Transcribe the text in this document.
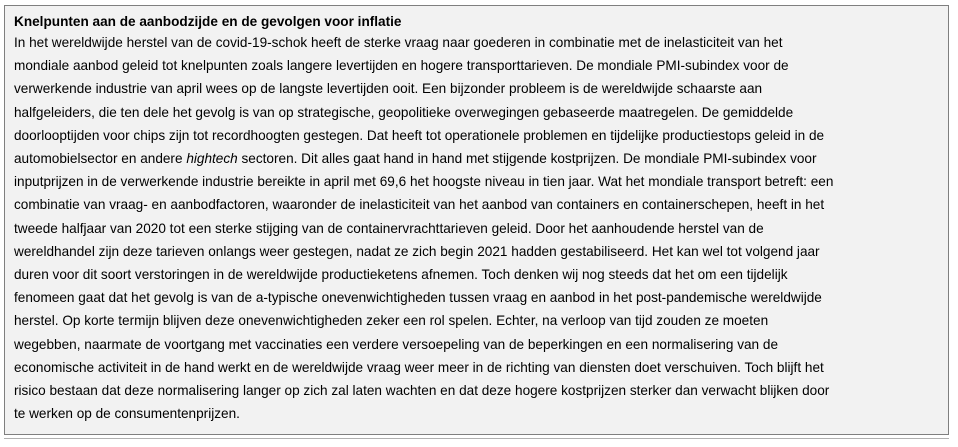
Knelpunten aan de aanbodzijde en de gevolgen voor inflatie
In het wereldwijde herstel van de covid-19-schok heeft de sterke vraag naar goederen in combinatie met de inelasticiteit van het
mondiale aanbod geleid tot knelpunten zoals langere levertijden en hogere transporttarieven. De mondiale PMI-subindex voor de
verwerkende industrie van april wees op de langste levertijden ooit. Een bijzonder probleem is de wereldwijde schaarste aan
halfgeleiders, die ten dele het gevolg is van op strategische, geopolitieke overwegingen gebaseerde maatregelen. De gemiddelde
doorlooptijden voor chips zijn tot recordhoogten gestegen. Dat heeft tot operationele problemen en tijdelijke productiestops geleid in de
automobielsector en andere hightech sectoren. Dit alles gaat hand in hand met stijgende kostprijzen. De mondiale PMI-subindex voor
inputprijzen in de verwerkende industrie bereikte in april met 69,6 het hoogste niveau in tien jaar. Wat het mondiale transport betreft: een
combinatie van vraag- en aanbodfactoren, waaronder de inelasticiteit van het aanbod van containers en containerschepen, heeft in het
tweede halfjaar van 2020 tot een sterke stijging van de containervrachttarieven geleid. Door het aanhoudende herstel van de
wereldhandel zijn deze tarieven onlangs weer gestegen, nadat ze zich begin 2021 hadden gestabiliseerd. Het kan wel tot volgend jaar
duren voor dit soort verstoringen in de wereldwijde productieketens afnemen. Toch denken wij nog steeds dat het om een tijdelijk
fenomeen gaat dat het gevolg is van de a-typische onevenwichtigheden tussen vraag en aanbod in het post-pandemische wereldwijde
herstel. Op korte termijn blijven deze onevenwichtigheden zeker een rol spelen. Echter, na verloop van tijd zouden ze moeten
wegebben, naarmate de voortgang met vaccinaties een verdere versoepeling van de beperkingen en een normalisering van de
economische activiteit in de hand werkt en de wereldwijde vraag weer meer in de richting van diensten doet verschuiven. Toch blijft het
risico bestaan dat deze normalisering langer op zich zal laten wachten en dat deze hogere kostprijzen sterker dan verwacht blijken door
te werken op de consumentenprijzen.
